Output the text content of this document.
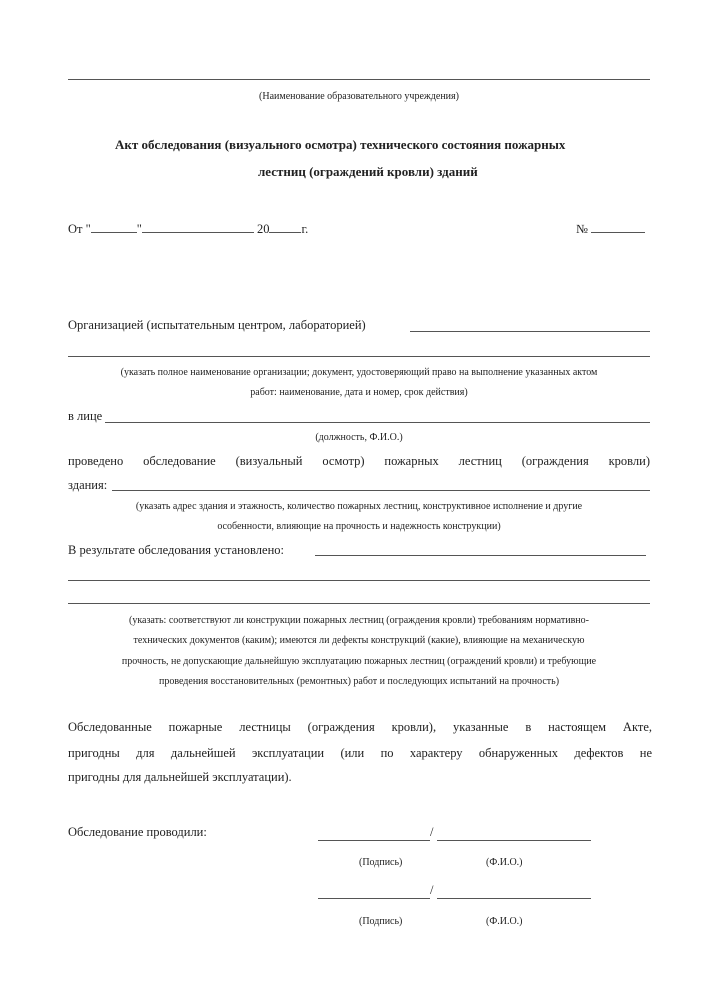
(Наименование образовательного учреждения)
Акт обследования (визуального осмотра) технического состояния пожарных
лестниц (ограждений кровли) зданий
От "	"	20	г.	№
Организацией (испытательным центром, лабораторией)
(указать полное наименование организации; документ, удостоверяющий право на выполнение указанных актом
работ: наименование, дата и номер, срок действия)
в лице
(должность, Ф.И.О.)
проведено обследование (визуальный осмотр) пожарных лестниц (ограждения кровли)
здания:
(указать адрес здания и этажность, количество пожарных лестниц, конструктивное исполнение и другие
особенности, влияющие на прочность и надежность конструкции)
В результате обследования установлено:
(указать: соответствуют ли конструкции пожарных лестниц (ограждения кровли) требованиям нормативно-
технических документов (каким); имеются ли дефекты конструкций (какие), влияющие на механическую
прочность, не допускающие дальнейшую эксплуатацию пожарных лестниц (ограждений кровли) и требующие
проведения восстановительных (ремонтных) работ и последующих испытаний на прочность)
Обследованные пожарные лестницы (ограждения кровли), указанные в настоящем Акте,
пригодны для дальнейшей эксплуатации (или по характеру обнаруженных дефектов не
пригодны для дальнейшей эксплуатации).
Обследование проводили:	/
(Подпись)	(Ф.И.О.)
/
(Подпись)	(Ф.И.О.)
